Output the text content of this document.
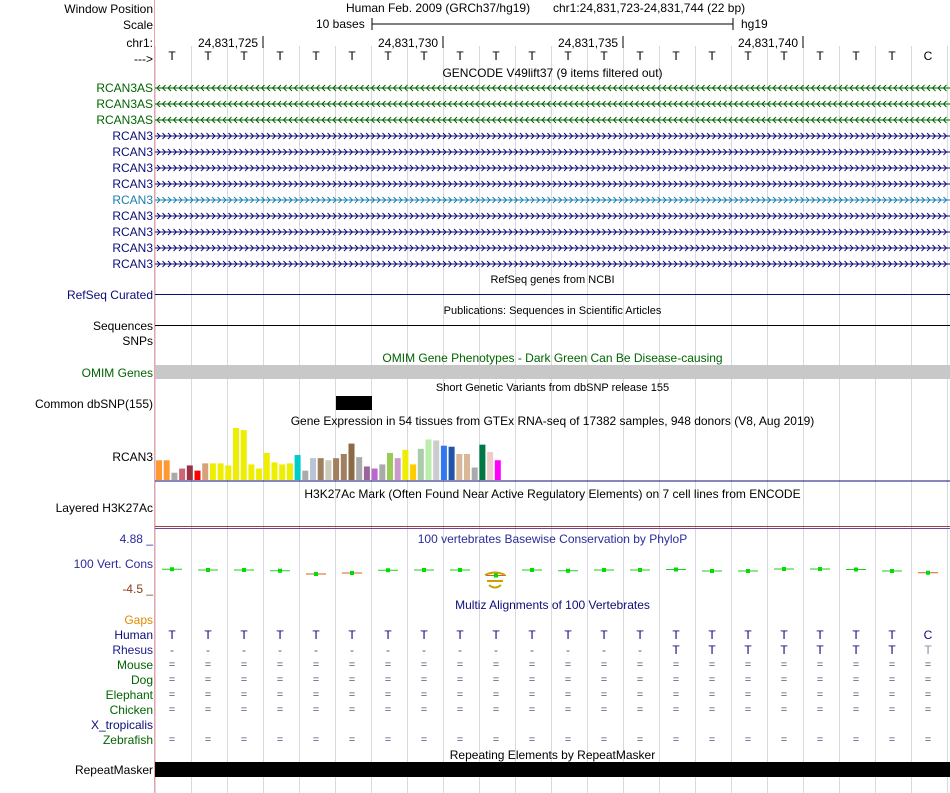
Window Position
Scale
chr1:
--->
Human Feb. 2009 (GRCh37/hg19) chr1:24,831,723-24,831,744 (22 bp)
10 bases	hg19
24,831,725	24,831,730	24,831,735	24,831,740
T	T	T	T	T	T	T	T	T	T	T	T	T	T	T	T	T	T	T	T	T	C
GENCODE V49lift37 (9 items filtered out)
RCAN3AS
RCAN3AS
RCAN3AS
RCAN3
RCAN3
RCAN3
RCAN3
RCAN3
RCAN3
RCAN3
RCAN3
RCAN3
RefSeq genes from NCBI
RefSeq Curated
Publications: Sequences in Scientific Articles
Sequences
SNPs
OMIM Gene Phenotypes - Dark Green Can Be Disease-causing
OMIM Genes
Short Genetic Variants from dbSNP release 155
Common dbSNP(155)
Gene Expression in 54 tissues from GTEx RNA-seq of 17382 samples, 948 donors (V8, Aug 2019)
RCAN3
H3K27Ac Mark (Often Found Near Active Regulatory Elements) on 7 cell lines from ENCODE
Layered H3K27Ac
100 vertebrates Basewise Conservation by PhyloP
4.88 _
100 Vert. Cons
-4.5 _
Multiz Alignments of 100 Vertebrates
Gaps
Human	T	T	T	T	T	T	T	T	T	T	T	T	T	T	T	T	T	T	T	T	T	C
Rhesus	-	-	-	-	-	-	-	-	-	-	-	-	-	-	T	T	T	T	T	T	T	T
Mouse	=	=	=	=	=	=	=	=	=	=	=	=	=	=	=	=	=	=	=	=	=	=
Dog	=	=	=	=	=	=	=	=	=	=	=	=	=	=	=	=	=	=	=	=	=	=
Elephant	=	=	=	=	=	=	=	=	=	=	=	=	=	=	=	=	=	=	=	=	=	=
Chicken	=	=	=	=	=	=	=	=	=	=	=	=	=	=	=	=	=	=	=	=	=	=
X_tropicalis
Zebrafish	=	=	=	=	=	=	=	=	=	=	=	=	=	=	=	=	=	=	=	=	=	=
Repeating Elements by RepeatMasker
RepeatMasker
